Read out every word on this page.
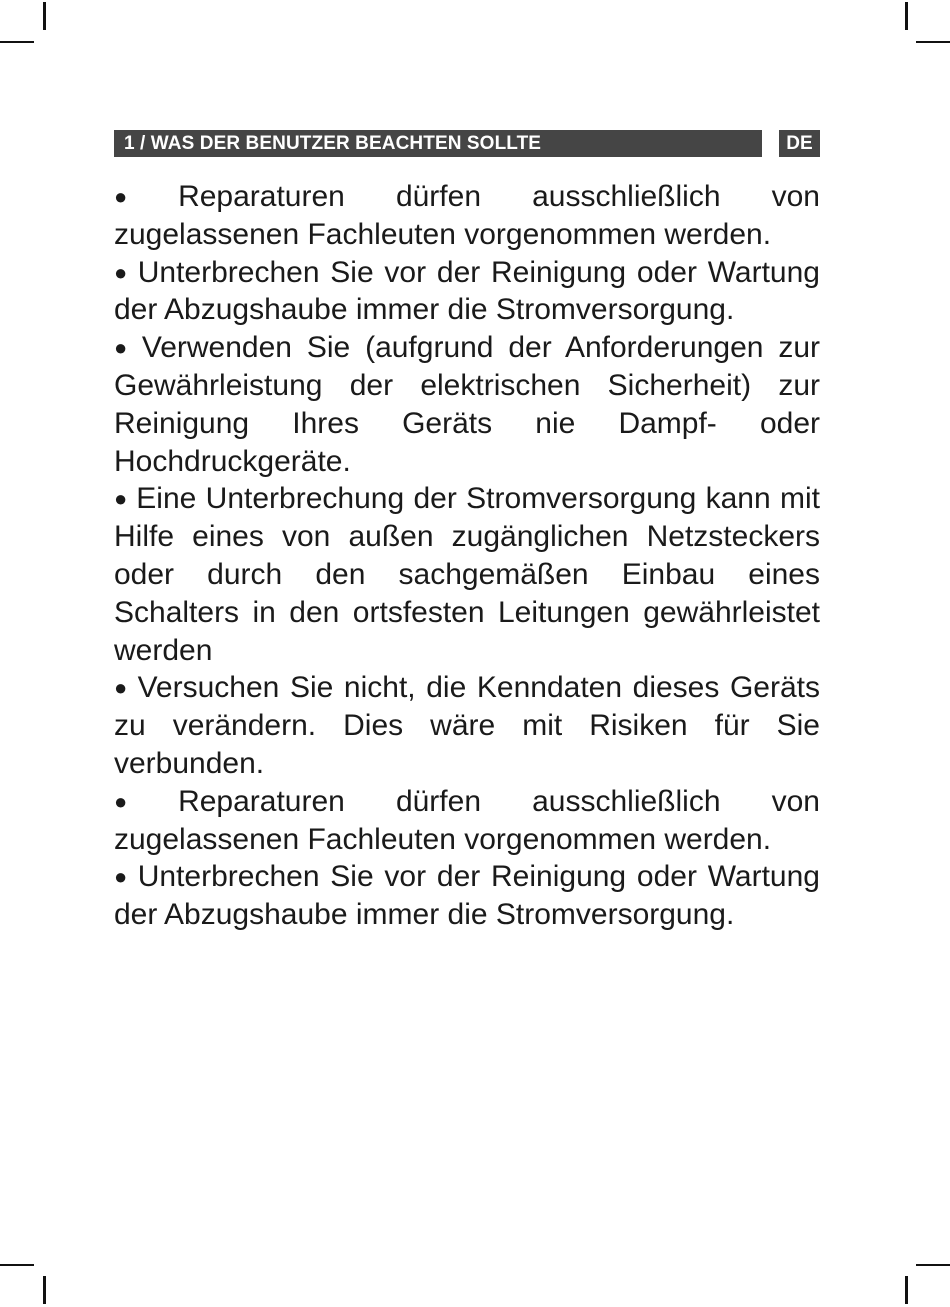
1 / WAS DER BENUTZER BEACHTEN SOLLTE	DE

● Reparaturen dürfen ausschließlich von zugelassenen Fachleuten vorgenommen werden.

● Unterbrechen Sie vor der Reinigung oder Wartung der Abzugshaube immer die Stromversorgung.

● Verwenden Sie (aufgrund der Anforderungen zur Gewährleistung der elektrischen Sicherheit) zur Reinigung Ihres Geräts nie Dampf- oder Hochdruckgeräte.

● Eine Unterbrechung der Stromversorgung kann mit Hilfe eines von außen zugänglichen Netzsteckers oder durch den sachgemäßen Einbau eines Schalters in den ortsfesten Leitungen gewährleistet werden

● Versuchen Sie nicht, die Kenndaten dieses Geräts zu verändern. Dies wäre mit Risiken für Sie verbunden.

● Reparaturen dürfen ausschließlich von zugelassenen Fachleuten vorgenommen werden.

● Unterbrechen Sie vor der Reinigung oder Wartung der Abzugshaube immer die Stromversorgung.
